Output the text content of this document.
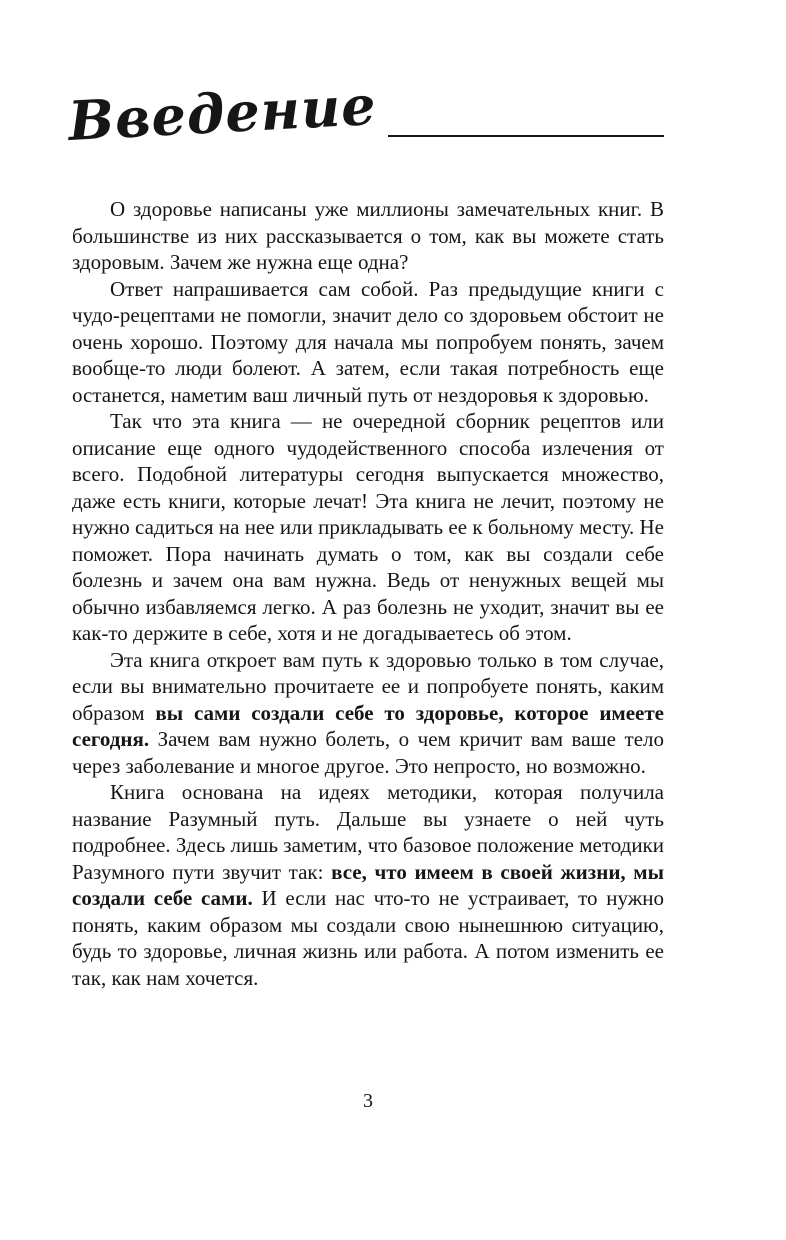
Введение

О здоровье написаны уже миллионы замечательных книг. В большинстве из них рассказывается о том, как вы можете стать здоровым. Зачем же нужна еще одна?

Ответ напрашивается сам собой. Раз предыдущие книги с чудо-рецептами не помогли, значит дело со здоровьем обстоит не очень хорошо. Поэтому для начала мы попробуем понять, зачем вообще-то люди болеют. А затем, если такая потребность еще останется, наметим ваш личный путь от нездоровья к здоровью.

Так что эта книга — не очередной сборник рецептов или описание еще одного чудодейственного способа излечения от всего. Подобной литературы сегодня выпускается множество, даже есть книги, которые лечат! Эта книга не лечит, поэтому не нужно садиться на нее или прикладывать ее к больному месту. Не поможет. Пора начинать думать о том, как вы создали себе болезнь и зачем она вам нужна. Ведь от ненужных вещей мы обычно избавляемся легко. А раз болезнь не уходит, значит вы ее как-то держите в себе, хотя и не догадываетесь об этом.

Эта книга откроет вам путь к здоровью только в том случае, если вы внимательно прочитаете ее и попробуете понять, каким образом вы сами создали себе то здоровье, которое имеете сегодня. Зачем вам нужно болеть, о чем кричит вам ваше тело через заболевание и многое другое. Это непросто, но возможно.

Книга основана на идеях методики, которая получила название Разумный путь. Дальше вы узнаете о ней чуть подробнее. Здесь лишь заметим, что базовое положение методики Разумного пути звучит так: все, что имеем в своей жизни, мы создали себе сами. И если нас что-то не устраивает, то нужно понять, каким образом мы создали свою нынешнюю ситуацию, будь то здоровье, личная жизнь или работа. А потом изменить ее так, как нам хочется.

3
